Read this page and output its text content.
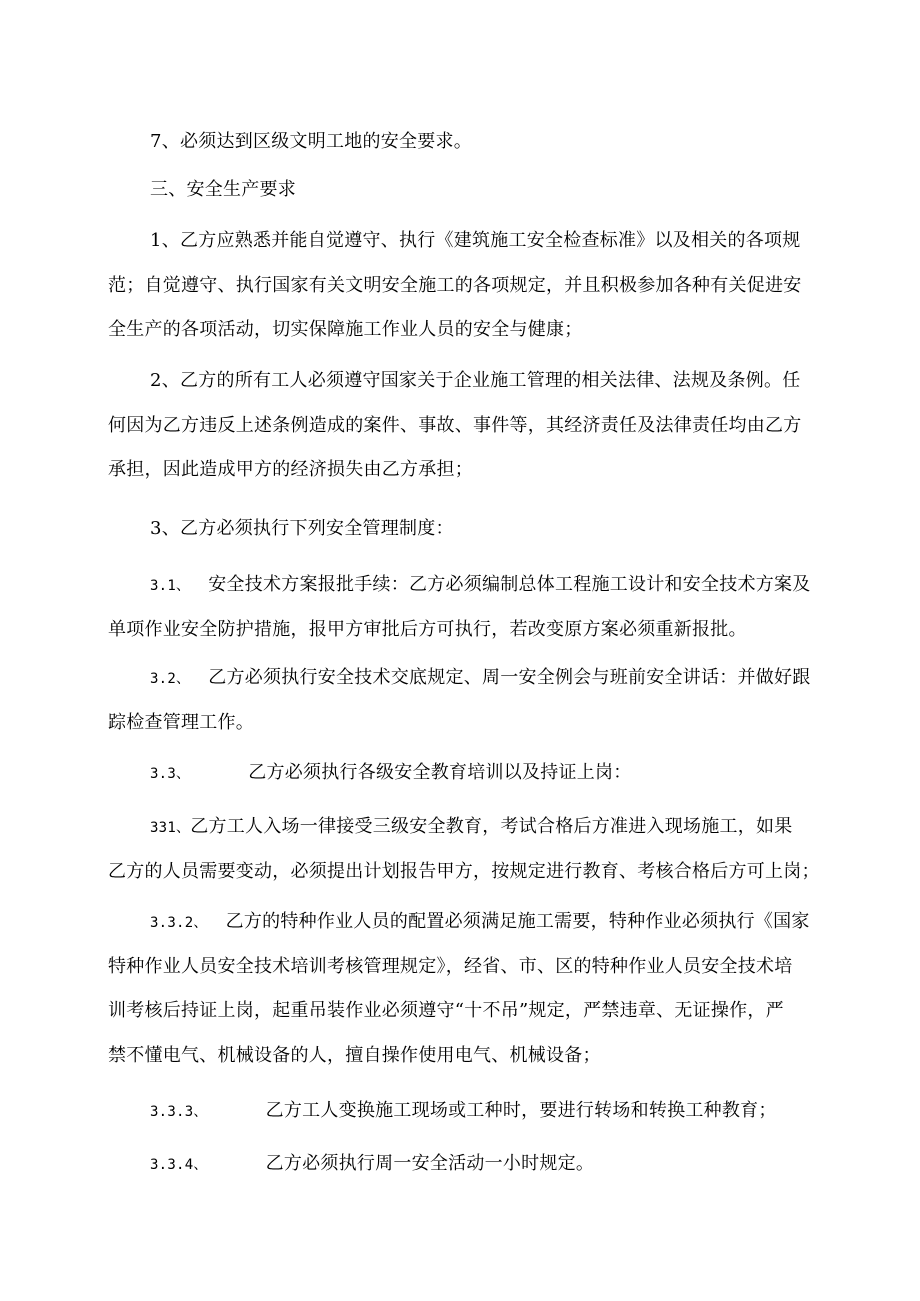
7、必须达到区级文明工地的安全要求。
三、安全生产要求
1、乙方应熟悉并能自觉遵守、执行《建筑施工安全检查标准》以及相关的各项规
范；自觉遵守、执行国家有关文明安全施工的各项规定，并且积极参加各种有关促进安
全生产的各项活动，切实保障施工作业人员的安全与健康；
2、乙方的所有工人必须遵守国家关于企业施工管理的相关法律、法规及条例。任
何因为乙方违反上述条例造成的案件、事故、事件等，其经济责任及法律责任均由乙方
承担，因此造成甲方的经济损失由乙方承担；
3、乙方必须执行下列安全管理制度：
3.1、 安全技术方案报批手续：乙方必须编制总体工程施工设计和安全技术方案及
单项作业安全防护措施，报甲方审批后方可执行，若改变原方案必须重新报批。
3.2、 乙方必须执行安全技术交底规定、周一安全例会与班前安全讲话：并做好跟
踪检查管理工作。
3.3、	乙方必须执行各级安全教育培训以及持证上岗：
331、乙方工人入场一律接受三级安全教育，考试合格后方准进入现场施工，如果
乙方的人员需要变动，必须提出计划报告甲方，按规定进行教育、考核合格后方可上岗；
3.3.2、 乙方的特种作业人员的配置必须满足施工需要，特种作业必须执行《国家
特种作业人员安全技术培训考核管理规定》，经省、市、区的特种作业人员安全技术培
训考核后持证上岗，起重吊装作业必须遵守“十不吊”规定，严禁违章、无证操作，严
禁不懂电气、机械设备的人，擅自操作使用电气、机械设备；
3.3.3、	乙方工人变换施工现场或工种时，要进行转场和转换工种教育；
3.3.4、	乙方必须执行周一安全活动一小时规定。
